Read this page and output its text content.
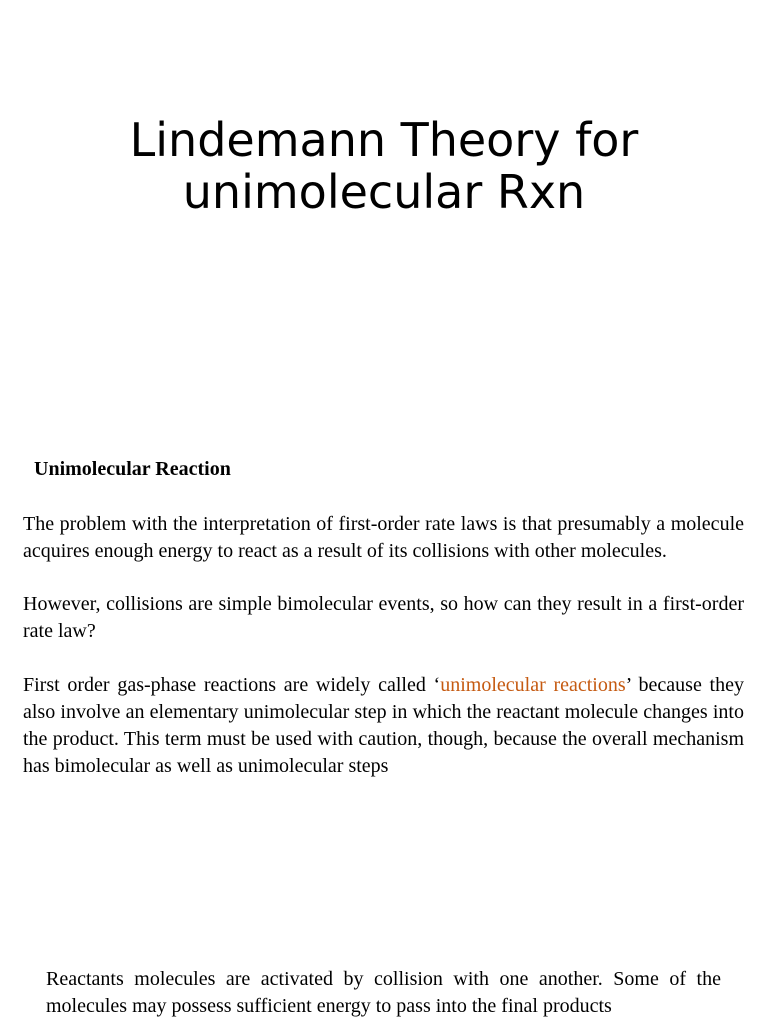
Lindemann Theory for
unimolecular Rxn
Unimolecular Reaction

The problem with the interpretation of first-order rate laws is that presumably a molecule acquires enough energy to react as a result of its collisions with other molecules.

However, collisions are simple bimolecular events, so how can they result in a first-order rate law?

First order gas-phase reactions are widely called ‘unimolecular reactions’ because they also involve an elementary unimolecular step in which the reactant molecule changes into the product. This term must be used with caution, though, because the overall mechanism has bimolecular as well as unimolecular steps

Reactants molecules are activated by collision with one another. Some of the molecules may possess sufficient energy to pass into the final products
